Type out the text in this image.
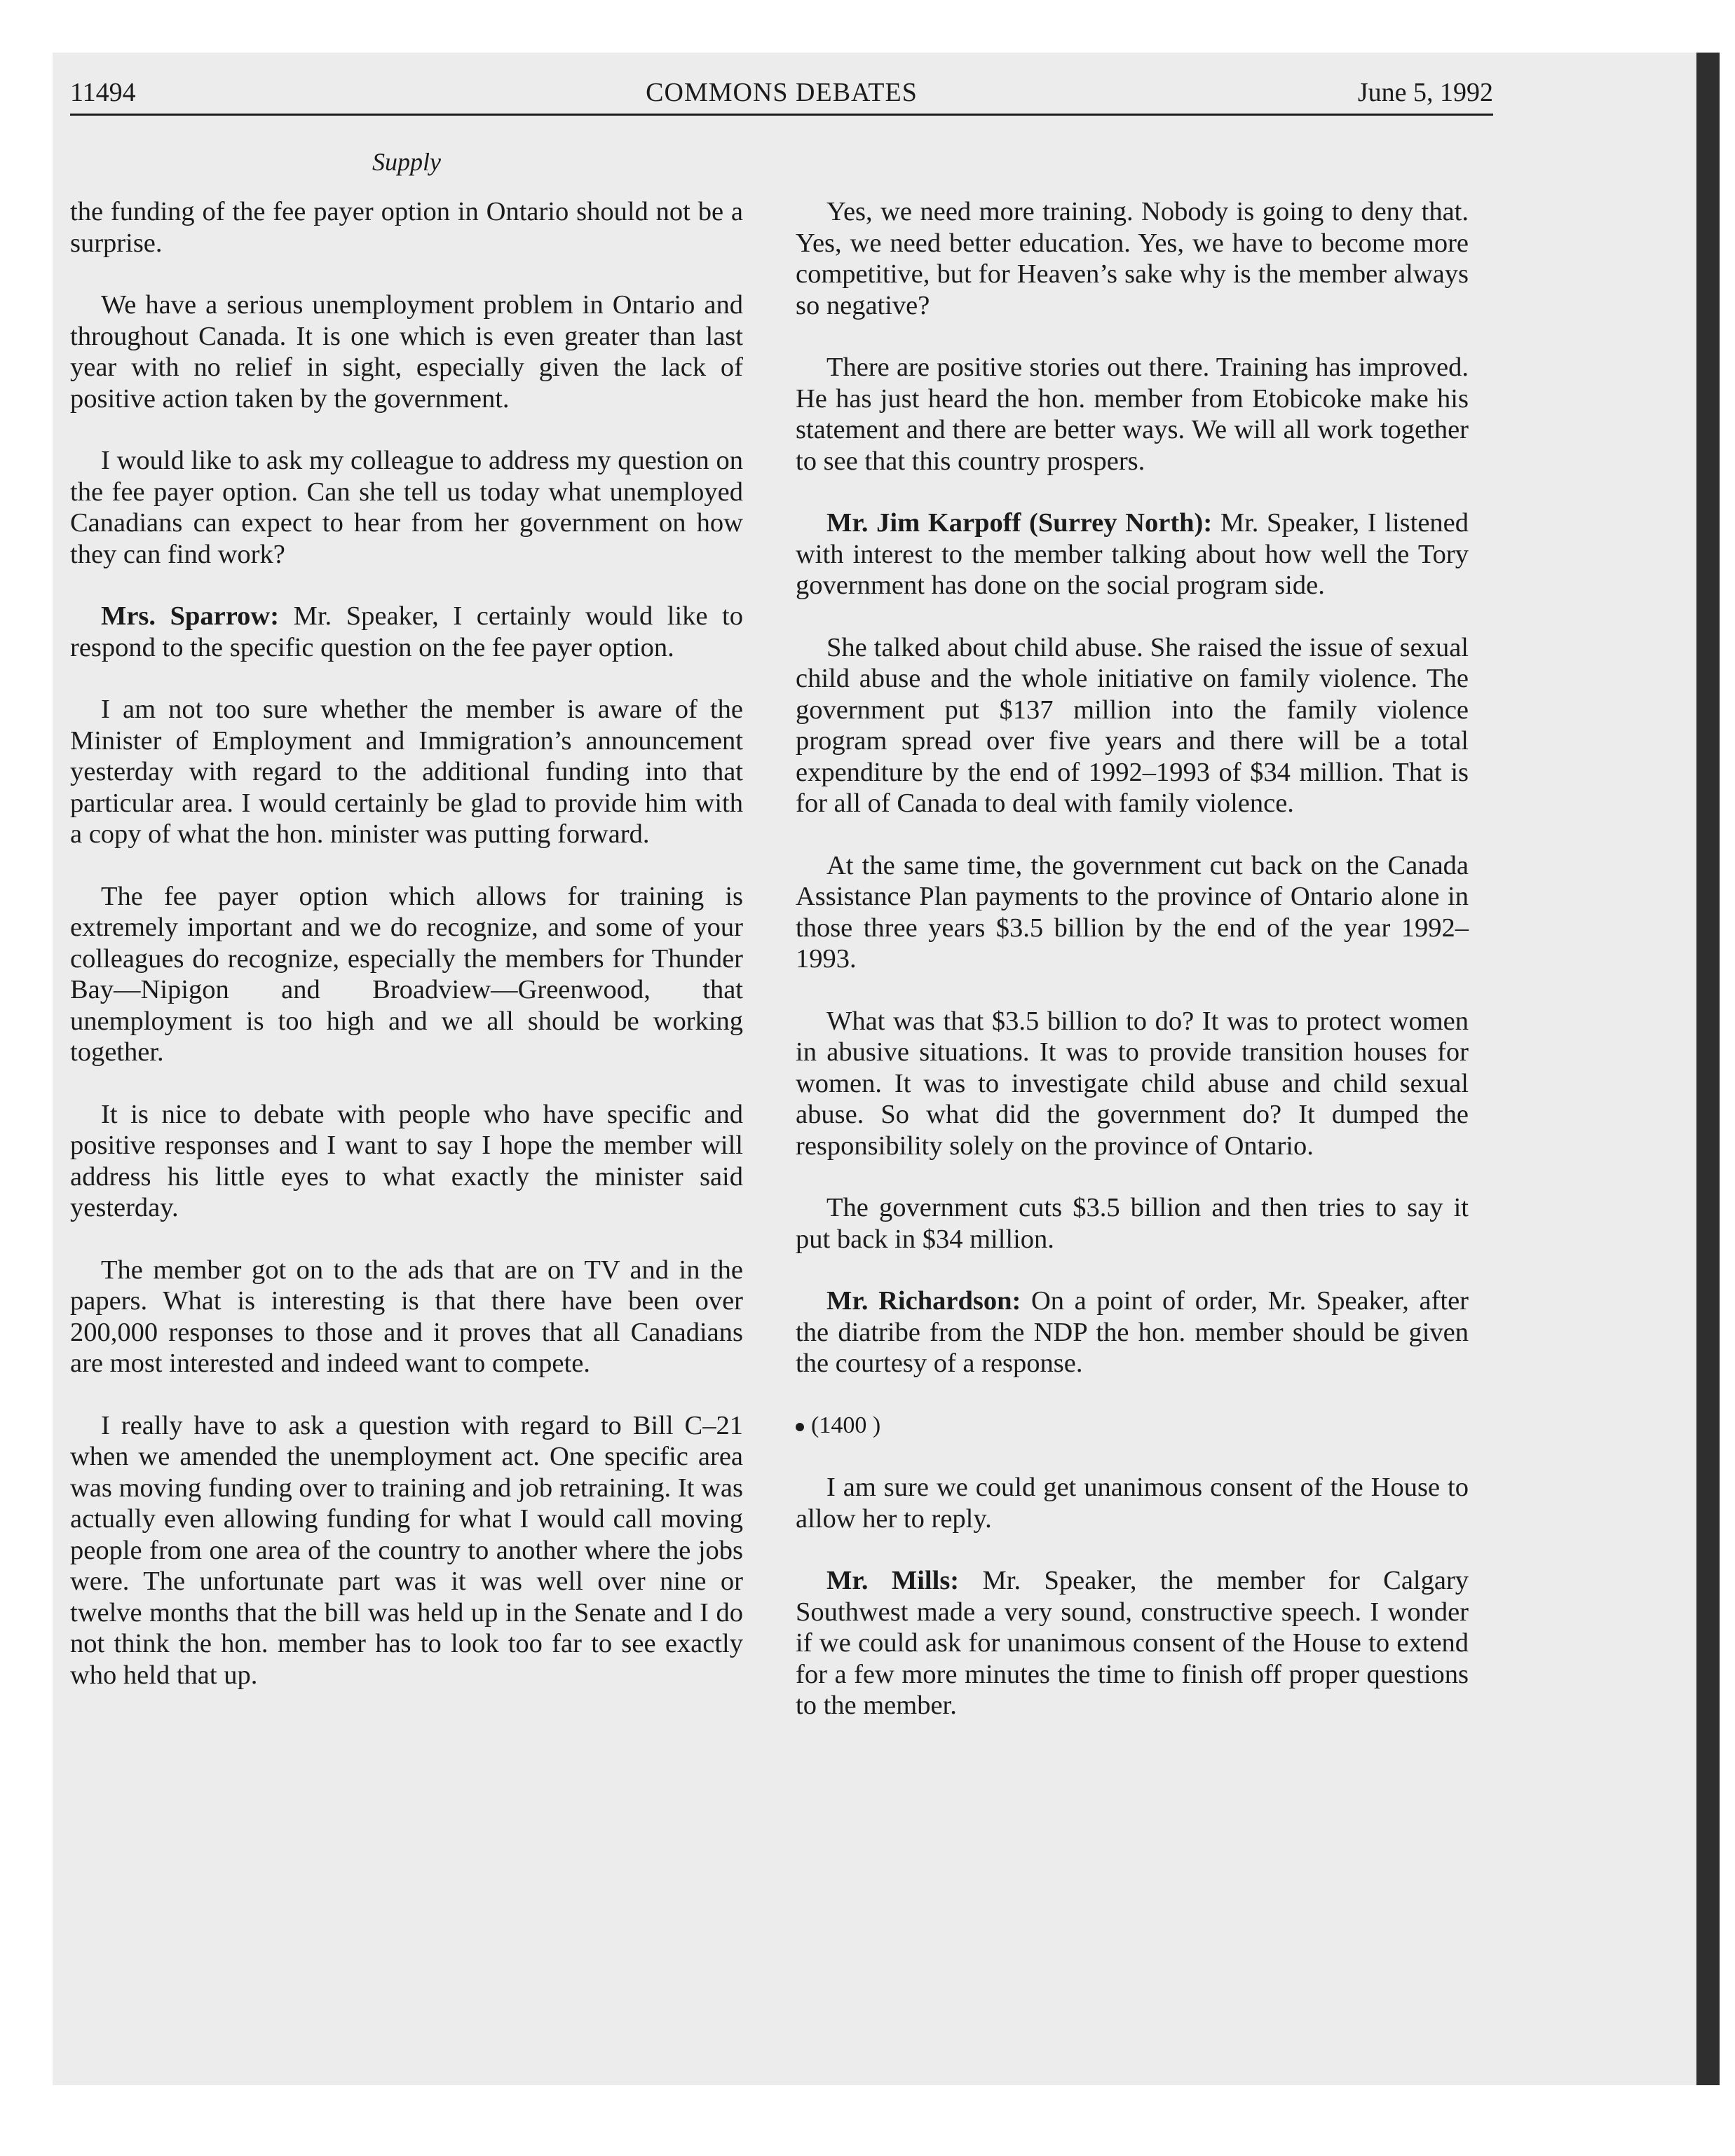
11494	COMMONS DEBATES	June 5, 1992
Supply

the funding of the fee payer option in Ontario should not be a surprise.

We have a serious unemployment problem in Ontario and throughout Canada. It is one which is even greater than last year with no relief in sight, especially given the lack of positive action taken by the government.

I would like to ask my colleague to address my question on the fee payer option. Can she tell us today what unemployed Canadians can expect to hear from her government on how they can find work?

Mrs. Sparrow: Mr. Speaker, I certainly would like to respond to the specific question on the fee payer option.

I am not too sure whether the member is aware of the Minister of Employment and Immigration’s announcement yesterday with regard to the additional funding into that particular area. I would certainly be glad to provide him with a copy of what the hon. minister was putting forward.

The fee payer option which allows for training is extremely important and we do recognize, and some of your colleagues do recognize, especially the members for Thunder Bay—Nipigon and Broadview—Greenwood, that unemployment is too high and we all should be working together.

It is nice to debate with people who have specific and positive responses and I want to say I hope the member will address his little eyes to what exactly the minister said yesterday.

The member got on to the ads that are on TV and in the papers. What is interesting is that there have been over 200,000 responses to those and it proves that all Canadians are most interested and indeed want to compete.

I really have to ask a question with regard to Bill C–21 when we amended the unemployment act. One specific area was moving funding over to training and job retraining. It was actually even allowing funding for what I would call moving people from one area of the country to another where the jobs were. The unfortunate part was it was well over nine or twelve months that the bill was held up in the Senate and I do not think the hon. member has to look too far to see exactly who held that up.

Yes, we need more training. Nobody is going to deny that. Yes, we need better education. Yes, we have to become more competitive, but for Heaven’s sake why is the member always so negative?

There are positive stories out there. Training has improved. He has just heard the hon. member from Etobicoke make his statement and there are better ways. We will all work together to see that this country prospers.

Mr. Jim Karpoff (Surrey North): Mr. Speaker, I listened with interest to the member talking about how well the Tory government has done on the social program side.

She talked about child abuse. She raised the issue of sexual child abuse and the whole initiative on family violence. The government put $137 million into the family violence program spread over five years and there will be a total expenditure by the end of 1992–1993 of $34 million. That is for all of Canada to deal with family violence.

At the same time, the government cut back on the Canada Assistance Plan payments to the province of Ontario alone in those three years $3.5 billion by the end of the year 1992–1993.

What was that $3.5 billion to do? It was to protect women in abusive situations. It was to provide transition houses for women. It was to investigate child abuse and child sexual abuse. So what did the government do? It dumped the responsibility solely on the province of Ontario.

The government cuts $3.5 billion and then tries to say it put back in $34 million.

Mr. Richardson: On a point of order, Mr. Speaker, after the diatribe from the NDP the hon. member should be given the courtesy of a response.

(1400 )

I am sure we could get unanimous consent of the House to allow her to reply.

Mr. Mills: Mr. Speaker, the member for Calgary Southwest made a very sound, constructive speech. I wonder if we could ask for unanimous consent of the House to extend for a few more minutes the time to finish off proper questions to the member.
